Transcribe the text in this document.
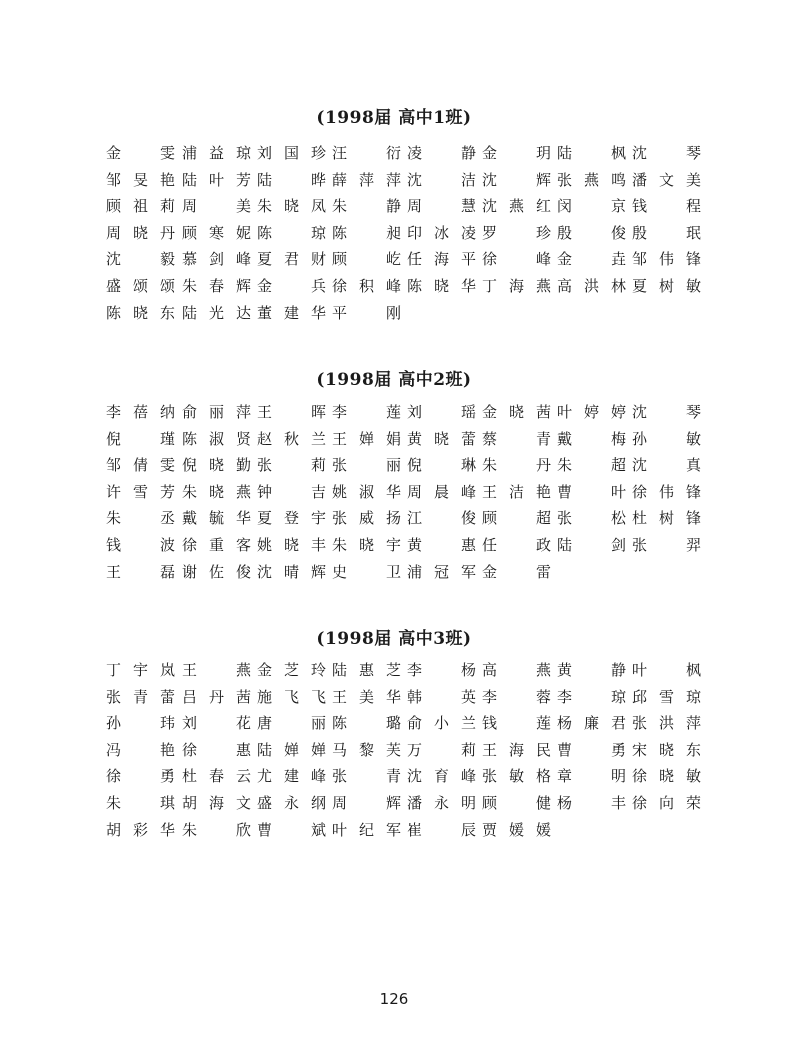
(1998届 高中1班)
金雯 浦益琼 刘国珍 汪衍 凌静 金玥 陆枫 沈琴
邹旻艳 陆叶芳 陆晔 薛萍萍 沈洁 沈辉 张燕鸣 潘文美
顾祖莉 周美 朱晓凤 朱静 周慧 沈燕红 闵京 钱程
周晓丹 顾寒妮 陈琼 陈昶 印冰凌 罗珍 殷俊 殷珉
沈毅 慕剑峰 夏君财 顾屹 任海平 徐峰 金垚 邹伟锋
盛颂颂 朱春辉 金兵 徐积峰 陈晓华 丁海燕 高洪林 夏树敏
陈晓东 陆光达 董建华 平刚
(1998届 高中2班)
李蓓纳 俞丽萍 王晖 李莲 刘瑶 金晓茜 叶婷婷 沈琴
倪瑾 陈淑贤 赵秋兰 王婵娟 黄晓蕾 蔡青 戴梅 孙敏
邹倩雯 倪晓勤 张莉 张丽 倪琳 朱丹 朱超 沈真
许雪芳 朱晓燕 钟吉 姚淑华 周晨峰 王洁艳 曹叶 徐伟锋
朱丞 戴毓华 夏登宇 张威扬 江俊 顾超 张松 杜树锋
钱波 徐重客 姚晓丰 朱晓宇 黄惠 任政 陆剑 张羿
王磊 谢佐俊 沈晴辉 史卫 浦冠军 金雷
(1998届 高中3班)
丁宇岚 王燕 金芝玲 陆惠芝 李杨 高燕 黄静 叶枫
张青蕾 吕丹茜 施飞飞 王美华 韩英 李蓉 李琼 邱雪琼
孙玮 刘花 唐丽 陈璐 俞小兰 钱莲 杨廉君 张洪萍
冯艳 徐惠 陆婵婵 马黎芙 万莉 王海民 曹勇 宋晓东
徐勇 杜春云 尤建峰 张青 沈育峰 张敏格 章明 徐晓敏
朱琪 胡海文 盛永纲 周辉 潘永明 顾健 杨丰 徐向荣
胡彩华 朱欣 曹斌 叶纪军 崔辰 贾媛媛
126
